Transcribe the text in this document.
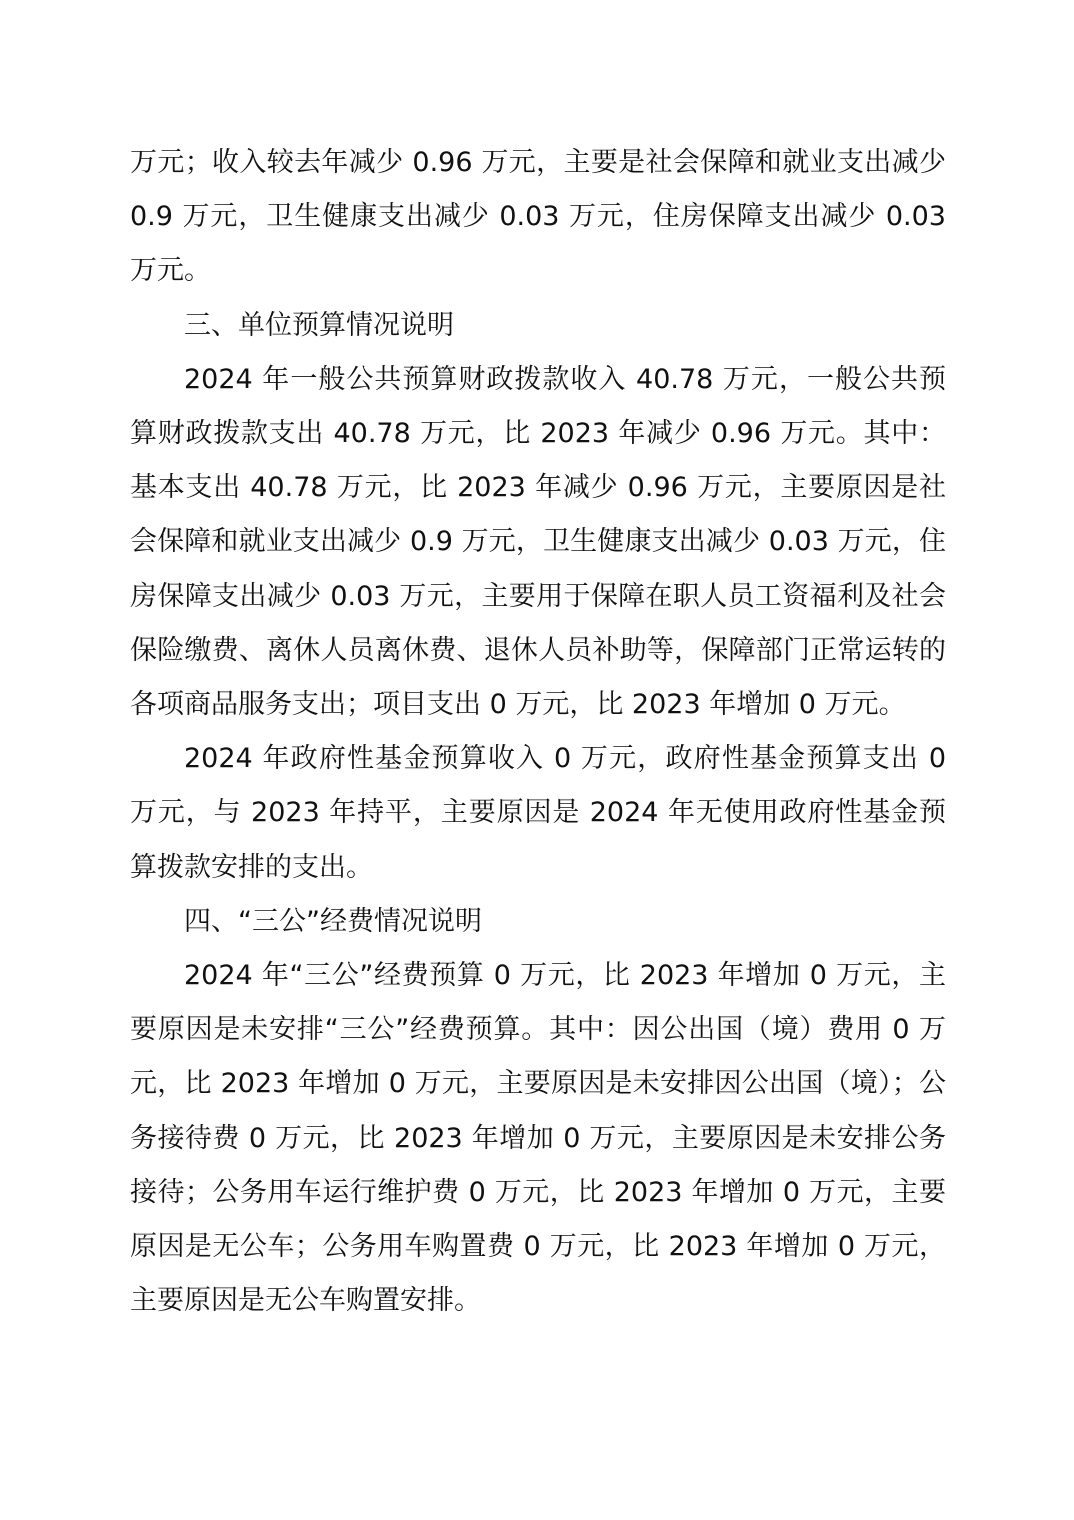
万元；收入较去年减少 0.96 万元，主要是社会保障和就业支出减少 0.9 万元，卫生健康支出减少 0.03 万元，住房保障支出减少 0.03 万元。

三、单位预算情况说明

2024 年一般公共预算财政拨款收入 40.78 万元，一般公共预算财政拨款支出 40.78 万元，比 2023 年减少 0.96 万元。其中：基本支出 40.78 万元，比 2023 年减少 0.96 万元，主要原因是社会保障和就业支出减少 0.9 万元，卫生健康支出减少 0.03 万元，住房保障支出减少 0.03 万元，主要用于保障在职人员工资福利及社会保险缴费、离休人员离休费、退休人员补助等，保障部门正常运转的各项商品服务支出；项目支出 0 万元，比 2023 年增加 0 万元。

2024 年政府性基金预算收入 0 万元，政府性基金预算支出 0 万元，与 2023 年持平，主要原因是 2024 年无使用政府性基金预算拨款安排的支出。

四、“三公”经费情况说明

2024 年“三公”经费预算 0 万元，比 2023 年增加 0 万元，主要原因是未安排“三公”经费预算。其中：因公出国（境）费用 0 万元，比 2023 年增加 0 万元，主要原因是未安排因公出国（境）；公务接待费 0 万元，比 2023 年增加 0 万元，主要原因是未安排公务接待；公务用车运行维护费 0 万元，比 2023 年增加 0 万元，主要原因是无公车；公务用车购置费 0 万元，比 2023 年增加 0 万元，主要原因是无公车购置安排。
